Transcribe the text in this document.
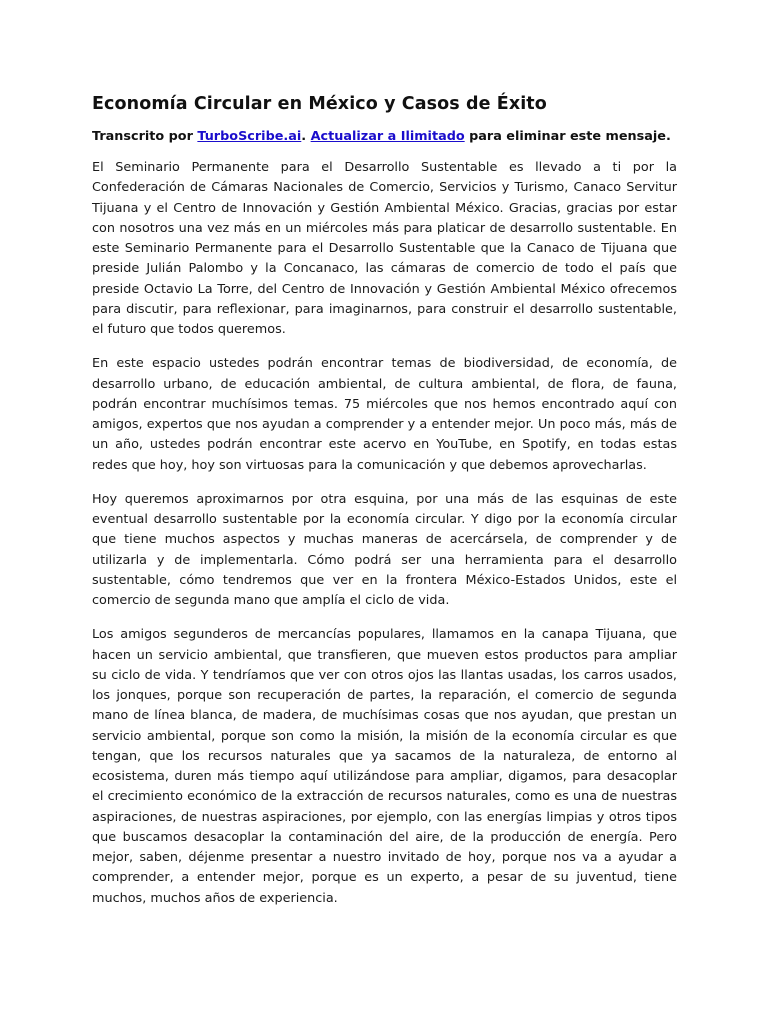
Economía Circular en México y Casos de Éxito

Transcrito por TurboScribe.ai. Actualizar a Ilimitado para eliminar este mensaje.

El Seminario Permanente para el Desarrollo Sustentable es llevado a ti por la Confederación de Cámaras Nacionales de Comercio, Servicios y Turismo, Canaco Servitur Tijuana y el Centro de Innovación y Gestión Ambiental México. Gracias, gracias por estar con nosotros una vez más en un miércoles más para platicar de desarrollo sustentable. En este Seminario Permanente para el Desarrollo Sustentable que la Canaco de Tijuana que preside Julián Palombo y la Concanaco, las cámaras de comercio de todo el país que preside Octavio La Torre, del Centro de Innovación y Gestión Ambiental México ofrecemos para discutir, para reflexionar, para imaginarnos, para construir el desarrollo sustentable, el futuro que todos queremos.

En este espacio ustedes podrán encontrar temas de biodiversidad, de economía, de desarrollo urbano, de educación ambiental, de cultura ambiental, de flora, de fauna, podrán encontrar muchísimos temas. 75 miércoles que nos hemos encontrado aquí con amigos, expertos que nos ayudan a comprender y a entender mejor. Un poco más, más de un año, ustedes podrán encontrar este acervo en YouTube, en Spotify, en todas estas redes que hoy, hoy son virtuosas para la comunicación y que debemos aprovecharlas.

Hoy queremos aproximarnos por otra esquina, por una más de las esquinas de este eventual desarrollo sustentable por la economía circular. Y digo por la economía circular que tiene muchos aspectos y muchas maneras de acercársela, de comprender y de utilizarla y de implementarla. Cómo podrá ser una herramienta para el desarrollo sustentable, cómo tendremos que ver en la frontera México-Estados Unidos, este el comercio de segunda mano que amplía el ciclo de vida.

Los amigos segunderos de mercancías populares, llamamos en la canapa Tijuana, que hacen un servicio ambiental, que transfieren, que mueven estos productos para ampliar su ciclo de vida. Y tendríamos que ver con otros ojos las llantas usadas, los carros usados, los jonques, porque son recuperación de partes, la reparación, el comercio de segunda mano de línea blanca, de madera, de muchísimas cosas que nos ayudan, que prestan un servicio ambiental, porque son como la misión, la misión de la economía circular es que tengan, que los recursos naturales que ya sacamos de la naturaleza, de entorno al ecosistema, duren más tiempo aquí utilizándose para ampliar, digamos, para desacoplar el crecimiento económico de la extracción de recursos naturales, como es una de nuestras aspiraciones, de nuestras aspiraciones, por ejemplo, con las energías limpias y otros tipos que buscamos desacoplar la contaminación del aire, de la producción de energía. Pero mejor, saben, déjenme presentar a nuestro invitado de hoy, porque nos va a ayudar a comprender, a entender mejor, porque es un experto, a pesar de su juventud, tiene muchos, muchos años de experiencia.
